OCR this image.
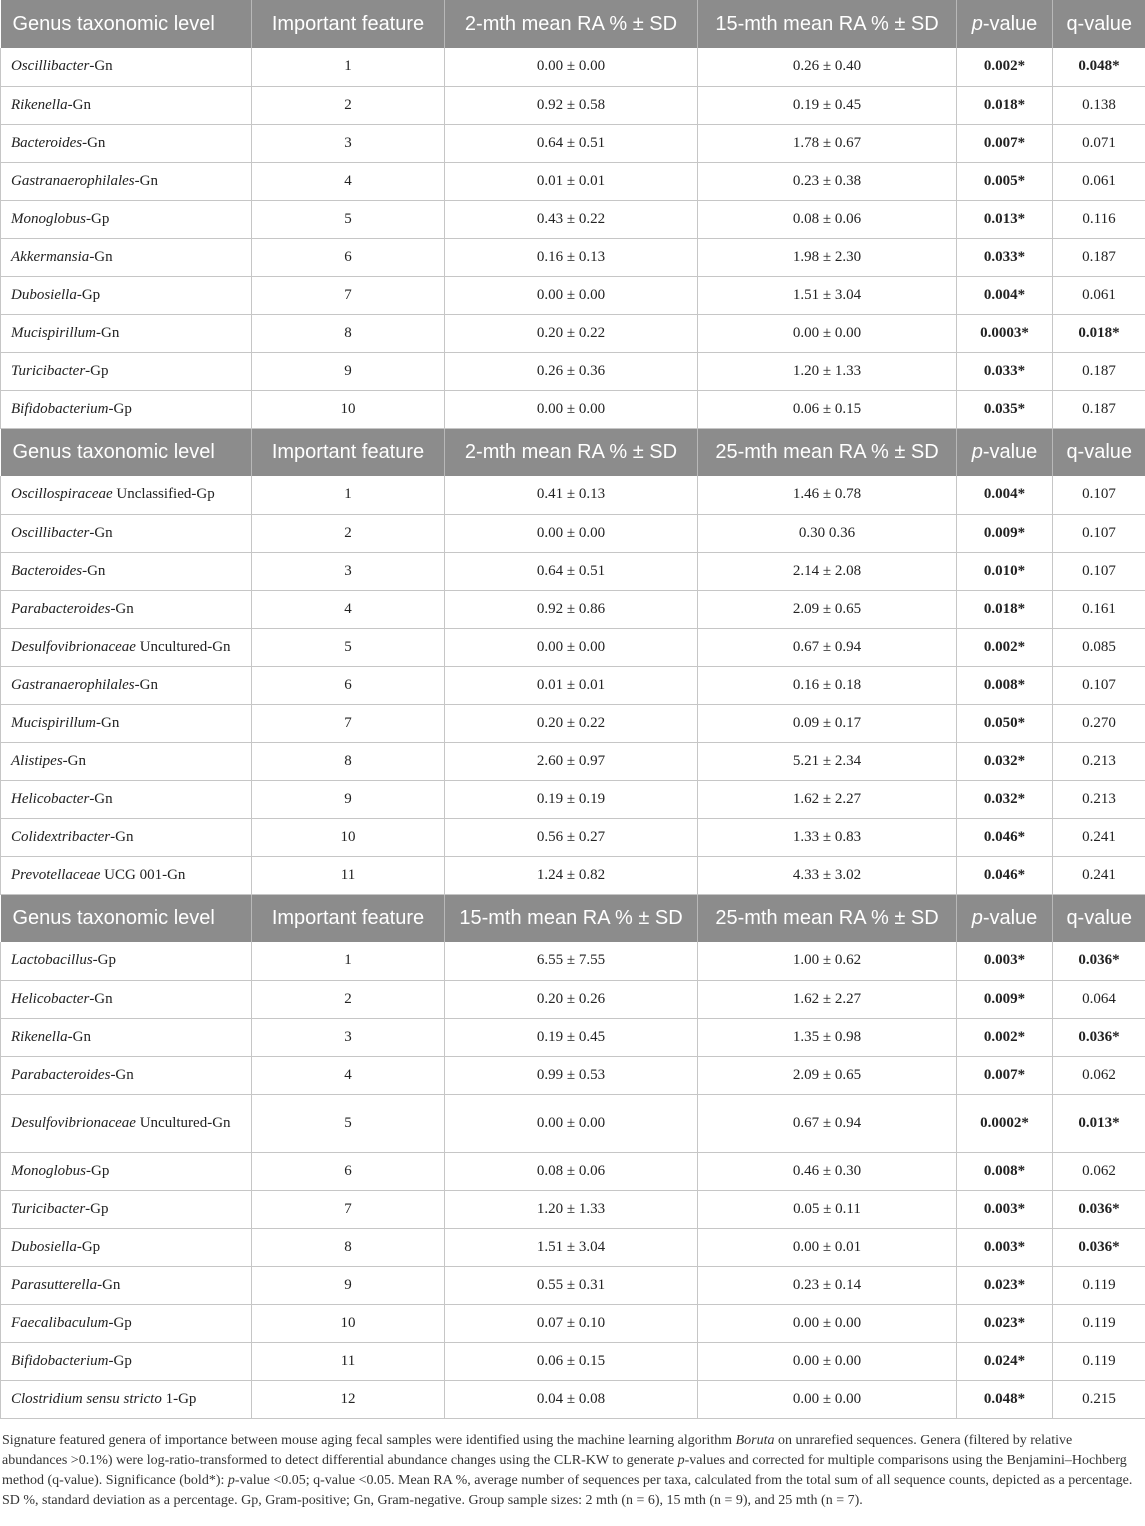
Genus taxonomic level	Important feature	2-mth mean RA % ± SD	15-mth mean RA % ± SD	p-value	q-value
Oscillibacter-Gn	1	0.00 ± 0.00	0.26 ± 0.40	0.002*	0.048*
Rikenella-Gn	2	0.92 ± 0.58	0.19 ± 0.45	0.018*	0.138
Bacteroides-Gn	3	0.64 ± 0.51	1.78 ± 0.67	0.007*	0.071
Gastranaerophilales-Gn	4	0.01 ± 0.01	0.23 ± 0.38	0.005*	0.061
Monoglobus-Gp	5	0.43 ± 0.22	0.08 ± 0.06	0.013*	0.116
Akkermansia-Gn	6	0.16 ± 0.13	1.98 ± 2.30	0.033*	0.187
Dubosiella-Gp	7	0.00 ± 0.00	1.51 ± 3.04	0.004*	0.061
Mucispirillum-Gn	8	0.20 ± 0.22	0.00 ± 0.00	0.0003*	0.018*
Turicibacter-Gp	9	0.26 ± 0.36	1.20 ± 1.33	0.033*	0.187
Bifidobacterium-Gp	10	0.00 ± 0.00	0.06 ± 0.15	0.035*	0.187
Genus taxonomic level	Important feature	2-mth mean RA % ± SD	25-mth mean RA % ± SD	p-value	q-value
Oscillospiraceae Unclassified-Gp	1	0.41 ± 0.13	1.46 ± 0.78	0.004*	0.107
Oscillibacter-Gn	2	0.00 ± 0.00	0.30 0.36	0.009*	0.107
Bacteroides-Gn	3	0.64 ± 0.51	2.14 ± 2.08	0.010*	0.107
Parabacteroides-Gn	4	0.92 ± 0.86	2.09 ± 0.65	0.018*	0.161
Desulfovibrionaceae Uncultured-Gn	5	0.00 ± 0.00	0.67 ± 0.94	0.002*	0.085
Gastranaerophilales-Gn	6	0.01 ± 0.01	0.16 ± 0.18	0.008*	0.107
Mucispirillum-Gn	7	0.20 ± 0.22	0.09 ± 0.17	0.050*	0.270
Alistipes-Gn	8	2.60 ± 0.97	5.21 ± 2.34	0.032*	0.213
Helicobacter-Gn	9	0.19 ± 0.19	1.62 ± 2.27	0.032*	0.213
Colidextribacter-Gn	10	0.56 ± 0.27	1.33 ± 0.83	0.046*	0.241
Prevotellaceae UCG 001-Gn	11	1.24 ± 0.82	4.33 ± 3.02	0.046*	0.241
Genus taxonomic level	Important feature	15-mth mean RA % ± SD	25-mth mean RA % ± SD	p-value	q-value
Lactobacillus-Gp	1	6.55 ± 7.55	1.00 ± 0.62	0.003*	0.036*
Helicobacter-Gn	2	0.20 ± 0.26	1.62 ± 2.27	0.009*	0.064
Rikenella-Gn	3	0.19 ± 0.45	1.35 ± 0.98	0.002*	0.036*
Parabacteroides-Gn	4	0.99 ± 0.53	2.09 ± 0.65	0.007*	0.062
Desulfovibrionaceae Uncultured-Gn	5	0.00 ± 0.00	0.67 ± 0.94	0.0002*	0.013*
Monoglobus-Gp	6	0.08 ± 0.06	0.46 ± 0.30	0.008*	0.062
Turicibacter-Gp	7	1.20 ± 1.33	0.05 ± 0.11	0.003*	0.036*
Dubosiella-Gp	8	1.51 ± 3.04	0.00 ± 0.01	0.003*	0.036*
Parasutterella-Gn	9	0.55 ± 0.31	0.23 ± 0.14	0.023*	0.119
Faecalibaculum-Gp	10	0.07 ± 0.10	0.00 ± 0.00	0.023*	0.119
Bifidobacterium-Gp	11	0.06 ± 0.15	0.00 ± 0.00	0.024*	0.119
Clostridium sensu stricto 1-Gp	12	0.04 ± 0.08	0.00 ± 0.00	0.048*	0.215
Signature featured genera of importance between mouse aging fecal samples were identified using the machine learning algorithm Boruta on unrarefied sequences. Genera (filtered by relative abundances >0.1%) were log-ratio-transformed to detect differential abundance changes using the CLR-KW to generate p-values and corrected for multiple comparisons using the Benjamini–Hochberg method (q-value). Significance (bold*): p-value <0.05; q-value <0.05. Mean RA %, average number of sequences per taxa, calculated from the total sum of all sequence counts, depicted as a percentage. SD %, standard deviation as a percentage. Gp, Gram-positive; Gn, Gram-negative. Group sample sizes: 2 mth (n = 6), 15 mth (n = 9), and 25 mth (n = 7).
